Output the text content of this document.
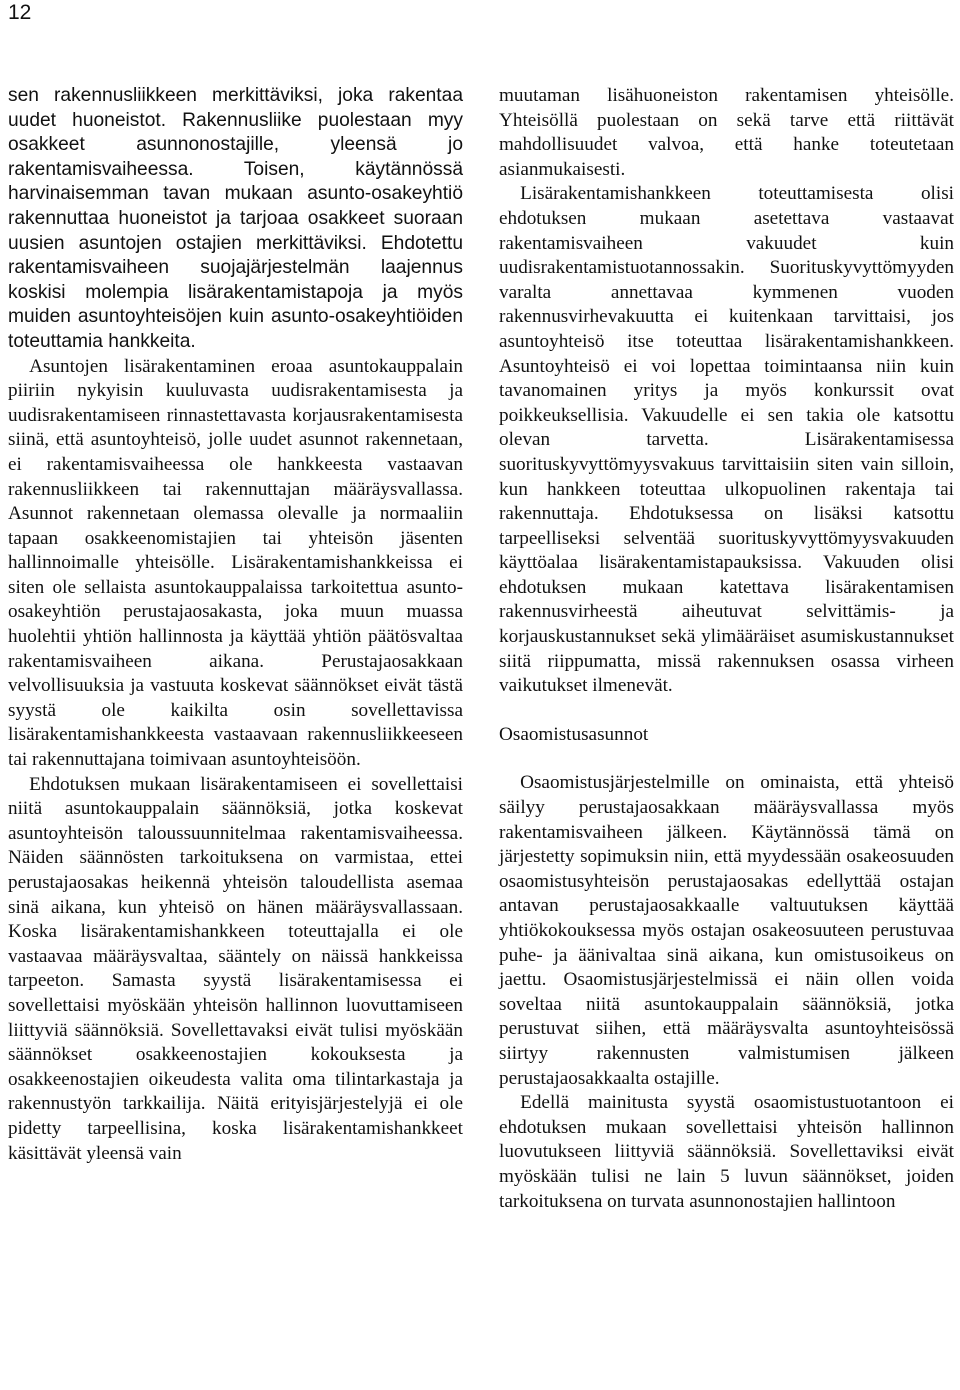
12

sen rakennusliikkeen merkittäviksi, joka rakentaa uudet huoneistot. Rakennusliike puolestaan myy osakkeet asunnonostajille, yleensä jo rakentamisvaiheessa. Toisen, käytännössä harvinaisemman tavan mukaan asunto-osakeyhtiö rakennuttaa huoneistot ja tarjoaa osakkeet suoraan uusien asuntojen ostajien merkittäviksi. Ehdotettu rakentamisvaiheen suojajärjestelmän laajennus koskisi molempia lisärakentamistapoja ja myös muiden asuntoyhteisöjen kuin asunto-osakeyhtiöiden toteuttamia hankkeita.

Asuntojen lisärakentaminen eroaa asuntokauppalain piiriin nykyisin kuuluvasta uudisrakentamisesta ja uudisrakentamiseen rinnastettavasta korjausrakentamisesta siinä, että asuntoyhteisö, jolle uudet asunnot rakennetaan, ei rakentamisvaiheessa ole hankkeesta vastaavan rakennusliikkeen tai rakennuttajan määräysvallassa. Asunnot rakennetaan olemassa olevalle ja normaaliin tapaan osakkeenomistajien tai yhteisön jäsenten hallinnoimalle yhteisölle. Lisärakentamishankkeissa ei siten ole sellaista asuntokauppalaissa tarkoitettua asunto-osakeyhtiön perustajaosakasta, joka muun muassa huolehtii yhtiön hallinnosta ja käyttää yhtiön päätösvaltaa rakentamisvaiheen aikana. Perustajaosakkaan velvollisuuksia ja vastuuta koskevat säännökset eivät tästä syystä ole kaikilta osin sovellettavissa lisärakentamishankkeesta vastaavaan rakennusliikkeeseen tai rakennuttajana toimivaan asuntoyhteisöön.

Ehdotuksen mukaan lisärakentamiseen ei sovellettaisi niitä asuntokauppalain säännöksiä, jotka koskevat asuntoyhteisön taloussuunnitelmaa rakentamisvaiheessa. Näiden säännösten tarkoituksena on varmistaa, ettei perustajaosakas heikennä yhteisön taloudellista asemaa sinä aikana, kun yhteisö on hänen määräysvallassaan. Koska lisärakentamishankkeen toteuttajalla ei ole vastaavaa määräysvaltaa, sääntely on näissä hankkeissa tarpeeton. Samasta syystä lisärakentamisessa ei sovellettaisi myöskään yhteisön hallinnon luovuttamiseen liittyviä säännöksiä. Sovellettavaksi eivät tulisi myöskään säännökset osakkeenostajien kokouksesta ja osakkeenostajien oikeudesta valita oma tilintarkastaja ja rakennustyön tarkkailija. Näitä erityisjärjestelyjä ei ole pidetty tarpeellisina, koska lisärakentamishankkeet käsittävät yleensä vain

muutaman lisähuoneiston rakentamisen yhteisölle. Yhteisöllä puolestaan on sekä tarve että riittävät mahdollisuudet valvoa, että hanke toteutetaan asianmukaisesti.

Lisärakentamishankkeen toteuttamisesta olisi ehdotuksen mukaan asetettava vastaavat rakentamisvaiheen vakuudet kuin uudisrakentamistuotannossakin. Suorituskyvyttömyyden varalta annettavaa kymmenen vuoden rakennusvirhevakuutta ei kuitenkaan tarvittaisi, jos asuntoyhteisö itse toteuttaa lisärakentamishankkeen. Asuntoyhteisö ei voi lopettaa toimintaansa niin kuin tavanomainen yritys ja myös konkurssit ovat poikkeuksellisia. Vakuudelle ei sen takia ole katsottu olevan tarvetta. Lisärakentamisessa suorituskyvyttömyysvakuus tarvittaisiin siten vain silloin, kun hankkeen toteuttaa ulkopuolinen rakentaja tai rakennuttaja. Ehdotuksessa on lisäksi katsottu tarpeelliseksi selventää suorituskyvyttömyysvakuuden käyttöalaa lisärakentamistapauksissa. Vakuuden olisi ehdotuksen mukaan katettava lisärakentamisen rakennusvirheestä aiheutuvat selvittämis- ja korjauskustannukset sekä ylimääräiset asumiskustannukset siitä riippumatta, missä rakennuksen osassa virheen vaikutukset ilmenevät.

Osaomistusasunnot

Osaomistusjärjestelmille on ominaista, että yhteisö säilyy perustajaosakkaan määräysvallassa myös rakentamisvaiheen jälkeen. Käytännössä tämä on järjestetty sopimuksin niin, että myydessään osakeosuuden osaomistusyhteisön perustajaosakas edellyttää ostajan antavan perustajaosakkaalle valtuutuksen käyttää yhtiökokouksessa myös ostajan osakeosuuteen perustuvaa puhe- ja äänivaltaa sinä aikana, kun omistusoikeus on jaettu. Osaomistusjärjestelmissä ei näin ollen voida soveltaa niitä asuntokauppalain säännöksiä, jotka perustuvat siihen, että määräysvalta asuntoyhteisössä siirtyy rakennusten valmistumisen jälkeen perustajaosakkaalta ostajille.

Edellä mainitusta syystä osaomistustuotantoon ei ehdotuksen mukaan sovellettaisi yhteisön hallinnon luovutukseen liittyviä säännöksiä. Sovellettaviksi eivät myöskään tulisi ne lain 5 luvun säännökset, joiden tarkoituksena on turvata asunnonostajien hallintoon
